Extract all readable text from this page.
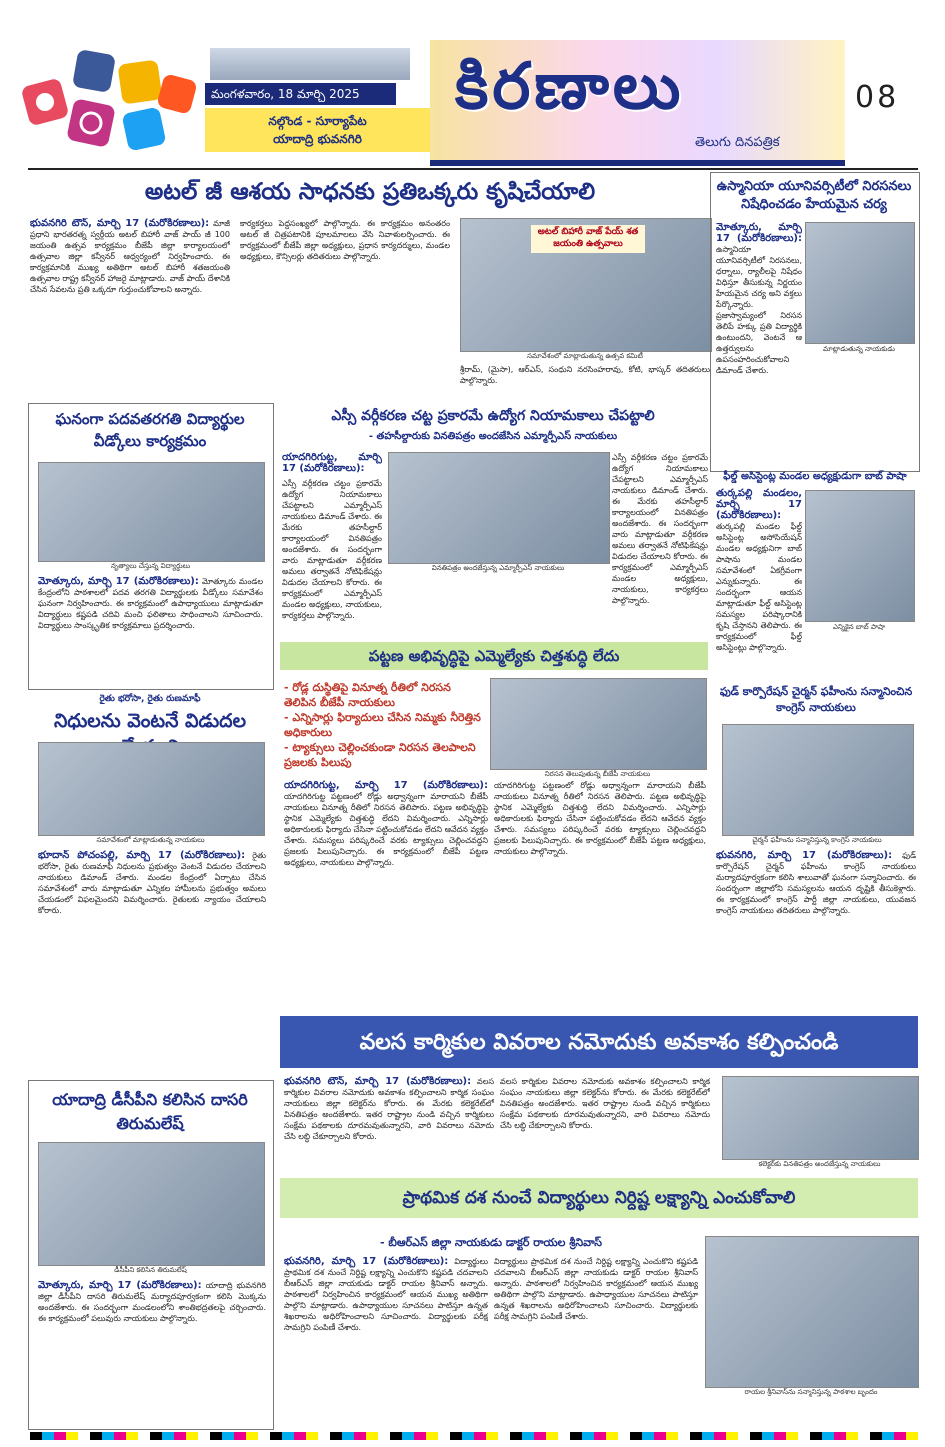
మంగళవారం, 18 మార్చి 2025
నల్గొండ - సూర్యాపేట
యాదాద్రి భువనగిరి
కిరణాలు
తెలుగు దినపత్రిక
08
అటల్ జీ ఆశయ సాధనకు ప్రతిఒక్కరు కృషిచేయాలి
భువనగిరి టౌన్, మార్చి 17 (మరోకిరణాలు): మాజీ ప్రధాని భారతరత్న స్వర్గీయ అటల్ బిహారీ వాజ్ పాయ్ జీ 100 జయంతి ఉత్సవ కార్యక్రమం బీజేపీ జిల్లా కార్యాలయంలో ఉత్సవాల జిల్లా కన్వీనర్ ఆధ్వర్యంలో నిర్వహించారు. ఈ కార్యక్రమానికి ముఖ్య అతిథిగా అటల్ బిహారీ శతజయంతి ఉత్సవాల రాష్ట్ర కన్వీనర్ హాజరై మాట్లాడారు. వాజ్ పాయ్ దేశానికి చేసిన సేవలను ప్రతి ఒక్కరూ గుర్తుంచుకోవాలని అన్నారు.
కార్యకర్తలు పెద్దసంఖ్యలో పాల్గొన్నారు. ఈ కార్యక్రమం అనంతరం అటల్ జీ చిత్రపటానికి పూలమాలలు వేసి నివాళులర్పించారు. ఈ కార్యక్రమంలో బీజేపీ జిల్లా అధ్యక్షులు, ప్రధాన కార్యదర్శులు, మండల అధ్యక్షులు, కౌన్సిలర్లు తదితరులు పాల్గొన్నారు.
అటల్ బిహారీ వాజ్ పేయ్ శత జయంతి ఉత్సవాలు
సమావేశంలో మాట్లాడుతున్న ఉత్సవ కమిటీ
శ్రీరామ్, (మైసా), ఆర్ఎస్, సంధుని నరసింహరావు, కోటి, భాస్కర్ తదితరులు పాల్గొన్నారు.
ఉస్మానియా యూనివర్సిటీలో నిరసనలు నిషేధించడం హేయమైన చర్య
మోత్కూరు, మార్చి 17 (మరోకిరణాలు): ఉస్మానియా యూనివర్సిటీలో నిరసనలు, ధర్నాలు, ర్యాలీలపై నిషేధం విధిస్తూ తీసుకున్న నిర్ణయం హేయమైన చర్య అని వక్తలు పేర్కొన్నారు. ప్రజాస్వామ్యంలో నిరసన తెలిపే హక్కు ప్రతి విద్యార్థికి ఉంటుందని, వెంటనే ఆ ఉత్తర్వులను ఉపసంహరించుకోవాలని డిమాండ్ చేశారు.
మాట్లాడుతున్న నాయకుడు
ఫీల్డ్ అసిస్టెంట్ల మండల అధ్యక్షుడుగా బాబ్ పాషా
తుర్కపల్లి మండలం, మార్చి 17 (మరోకిరణాలు): తుర్కపల్లి మండల ఫీల్డ్ అసిస్టెంట్ల అసోసియేషన్ మండల అధ్యక్షునిగా బాబ్ పాషాను మండల సమావేశంలో ఏకగ్రీవంగా ఎన్నుకున్నారు. ఈ సందర్భంగా ఆయన మాట్లాడుతూ ఫీల్డ్ అసిస్టెంట్ల సమస్యల పరిష్కారానికి కృషి చేస్తానని తెలిపారు. ఈ కార్యక్రమంలో ఫీల్డ్ అసిస్టెంట్లు పాల్గొన్నారు.
ఎన్నికైన బాబ్ పాషా
ఫుడ్ కార్పొరేషన్ చైర్మన్ ఫహీంను సన్మానించిన కాంగ్రెస్ నాయకులు
చైర్మన్ ఫహీంను సన్మానిస్తున్న కాంగ్రెస్ నాయకులు
భువనగిరి, మార్చి 17 (మరోకిరణాలు): ఫుడ్ కార్పొరేషన్ చైర్మన్ ఫహీంను కాంగ్రెస్ నాయకులు మర్యాదపూర్వకంగా కలిసి శాలువాతో ఘనంగా సన్మానించారు. ఈ సందర్భంగా జిల్లాలోని సమస్యలను ఆయన దృష్టికి తీసుకెళ్లారు. ఈ కార్యక్రమంలో కాంగ్రెస్ పార్టీ జిల్లా నాయకులు, యువజన కాంగ్రెస్ నాయకులు తదితరులు పాల్గొన్నారు.
ఘనంగా పదవతరగతి విద్యార్థుల వీడ్కోలు కార్యక్రమం
నృత్యాలు చేస్తున్న విద్యార్థులు
మోత్కూరు, మార్చి 17 (మరోకిరణాలు): మోత్కూరు మండల కేంద్రంలోని పాఠశాలలో పదవ తరగతి విద్యార్థులకు వీడ్కోలు సమావేశం ఘనంగా నిర్వహించారు. ఈ కార్యక్రమంలో ఉపాధ్యాయులు మాట్లాడుతూ విద్యార్థులు కష్టపడి చదివి మంచి ఫలితాలు సాధించాలని సూచించారు. విద్యార్థులు సాంస్కృతిక కార్యక్రమాలు ప్రదర్శించారు.
రైతు భరోసా, రైతు రుణమాఫీ
నిధులను వెంటనే విడుదల
సమావేశంలో మాట్లాడుతున్న నాయకులు
భూదాన్ పోచంపల్లి, మార్చి 17 (మరోకిరణాలు): రైతు భరోసా, రైతు రుణమాఫీ నిధులను ప్రభుత్వం వెంటనే విడుదల చేయాలని నాయకులు డిమాండ్ చేశారు. మండల కేంద్రంలో ఏర్పాటు చేసిన సమావేశంలో వారు మాట్లాడుతూ ఎన్నికల హామీలను ప్రభుత్వం అమలు చేయడంలో విఫలమైందని విమర్శించారు. రైతులకు న్యాయం చేయాలని కోరారు.
యాదాద్రి డీసీపీని కలిసిన దాసరి తిరుమలేష్
డీసీపీని కలిసిన తిరుమలేష్
మోత్కూరు, మార్చి 17 (మరోకిరణాలు): యాదాద్రి భువనగిరి జిల్లా డీసీపీని దాసరి తిరుమలేష్ మర్యాదపూర్వకంగా కలిసి మొక్కను అందజేశారు. ఈ సందర్భంగా మండలంలోని శాంతిభద్రతలపై చర్చించారు. ఈ కార్యక్రమంలో పలువురు నాయకులు పాల్గొన్నారు.
ఎస్సీ వర్గీకరణ చట్ట ప్రకారమే ఉద్యోగ నియామకాలు చేపట్టాలి
- తహసీల్దారుకు వినతిపత్రం అందజేసిన ఎమ్మార్పీఎస్ నాయకులు
యాదగిరిగుట్ట, మార్చి 17 (మరోకిరణాలు):
వినతిపత్రం అందజేస్తున్న ఎమ్మార్పీఎస్ నాయకులు
ఎస్సీ వర్గీకరణ చట్టం ప్రకారమే ఉద్యోగ నియామకాలు చేపట్టాలని ఎమ్మార్పీఎస్ నాయకులు డిమాండ్ చేశారు. ఈ మేరకు తహసీల్దార్ కార్యాలయంలో వినతిపత్రం అందజేశారు. ఈ సందర్భంగా వారు మాట్లాడుతూ వర్గీకరణ అమలు తర్వాతనే నోటిఫికేషన్లు విడుదల చేయాలని కోరారు. ఈ కార్యక్రమంలో ఎమ్మార్పీఎస్ మండల అధ్యక్షులు, నాయకులు, కార్యకర్తలు పాల్గొన్నారు.
ఎస్సీ వర్గీకరణ చట్టం ప్రకారమే ఉద్యోగ నియామకాలు చేపట్టాలని ఎమ్మార్పీఎస్ నాయకులు డిమాండ్ చేశారు. ఈ మేరకు తహసీల్దార్ కార్యాలయంలో వినతిపత్రం అందజేశారు. ఈ సందర్భంగా వారు మాట్లాడుతూ వర్గీకరణ అమలు తర్వాతనే నోటిఫికేషన్లు విడుదల చేయాలని కోరారు. ఈ కార్యక్రమంలో ఎమ్మార్పీఎస్ మండల అధ్యక్షులు, నాయకులు, కార్యకర్తలు పాల్గొన్నారు.
పట్టణ అభివృద్ధిపై ఎమ్మెల్యేకు చిత్తశుద్ధి లేదు
- రోడ్ల దుస్థితిపై వినూత్న రీతిలో నిరసన తెలిపిన బీజేపీ నాయకులు
- ఎన్నిసార్లు ఫిర్యాదులు చేసిన నిమ్మకు నీరెత్తిన అధికారులు
- ట్యాక్సులు చెల్లించకుండా నిరసన తెలపాలని ప్రజలకు పిలుపు
నిరసన తెలుపుతున్న బీజేపీ నాయకులు
యాదగిరిగుట్ట, మార్చి 17 (మరోకిరణాలు): యాదగిరిగుట్ట పట్టణంలో రోడ్లు అధ్వాన్నంగా మారాయని బీజేపీ నాయకులు వినూత్న రీతిలో నిరసన తెలిపారు. పట్టణ అభివృద్ధిపై స్థానిక ఎమ్మెల్యేకు చిత్తశుద్ధి లేదని విమర్శించారు. ఎన్నిసార్లు అధికారులకు ఫిర్యాదు చేసినా పట్టించుకోవడం లేదని ఆవేదన వ్యక్తం చేశారు. సమస్యలు పరిష్కరించే వరకు ట్యాక్సులు చెల్లించవద్దని ప్రజలకు పిలుపునిచ్చారు. ఈ కార్యక్రమంలో బీజేపీ పట్టణ అధ్యక్షులు, నాయకులు పాల్గొన్నారు.
యాదగిరిగుట్ట పట్టణంలో రోడ్లు అధ్వాన్నంగా మారాయని బీజేపీ నాయకులు వినూత్న రీతిలో నిరసన తెలిపారు. పట్టణ అభివృద్ధిపై స్థానిక ఎమ్మెల్యేకు చిత్తశుద్ధి లేదని విమర్శించారు. ఎన్నిసార్లు అధికారులకు ఫిర్యాదు చేసినా పట్టించుకోవడం లేదని ఆవేదన వ్యక్తం చేశారు. సమస్యలు పరిష్కరించే వరకు ట్యాక్సులు చెల్లించవద్దని ప్రజలకు పిలుపునిచ్చారు. ఈ కార్యక్రమంలో బీజేపీ పట్టణ అధ్యక్షులు, నాయకులు పాల్గొన్నారు.
వలస కార్మికుల వివరాల నమోదుకు అవకాశం కల్పించండి
భువనగిరి టౌన్, మార్చి 17 (మరోకిరణాలు): వలస కార్మికుల వివరాల నమోదుకు అవకాశం కల్పించాలని కార్మిక సంఘం నాయకులు జిల్లా కలెక్టర్‌ను కోరారు. ఈ మేరకు కలెక్టరేట్‌లో వినతిపత్రం అందజేశారు. ఇతర రాష్ట్రాల నుండి వచ్చిన కార్మికులు సంక్షేమ పథకాలకు దూరమవుతున్నారని, వారి వివరాలు నమోదు చేసి లబ్ధి చేకూర్చాలని కోరారు.
వలస కార్మికుల వివరాల నమోదుకు అవకాశం కల్పించాలని కార్మిక సంఘం నాయకులు జిల్లా కలెక్టర్‌ను కోరారు. ఈ మేరకు కలెక్టరేట్‌లో వినతిపత్రం అందజేశారు. ఇతర రాష్ట్రాల నుండి వచ్చిన కార్మికులు సంక్షేమ పథకాలకు దూరమవుతున్నారని, వారి వివరాలు నమోదు చేసి లబ్ధి చేకూర్చాలని కోరారు.
కలెక్టర్‌కు వినతిపత్రం అందజేస్తున్న నాయకులు
ప్రాథమిక దశ నుంచే విద్యార్థులు నిర్దిష్ట లక్ష్యాన్ని ఎంచుకోవాలి
- బీఆర్ఎస్ జిల్లా నాయకుడు డాక్టర్ రాయల శ్రీనివాస్
భువనగిరి, మార్చి 17 (మరోకిరణాలు): విద్యార్థులు ప్రాథమిక దశ నుంచే నిర్దిష్ట లక్ష్యాన్ని ఎంచుకొని కష్టపడి చదవాలని బీఆర్ఎస్ జిల్లా నాయకుడు డాక్టర్ రాయల శ్రీనివాస్ అన్నారు. పాఠశాలలో నిర్వహించిన కార్యక్రమంలో ఆయన ముఖ్య అతిథిగా పాల్గొని మాట్లాడారు. ఉపాధ్యాయుల సూచనలు పాటిస్తూ ఉన్నత శిఖరాలను అధిరోహించాలని సూచించారు. విద్యార్థులకు పరీక్ష సామగ్రిని పంపిణీ చేశారు.
విద్యార్థులు ప్రాథమిక దశ నుంచే నిర్దిష్ట లక్ష్యాన్ని ఎంచుకొని కష్టపడి చదవాలని బీఆర్ఎస్ జిల్లా నాయకుడు డాక్టర్ రాయల శ్రీనివాస్ అన్నారు. పాఠశాలలో నిర్వహించిన కార్యక్రమంలో ఆయన ముఖ్య అతిథిగా పాల్గొని మాట్లాడారు. ఉపాధ్యాయుల సూచనలు పాటిస్తూ ఉన్నత శిఖరాలను అధిరోహించాలని సూచించారు. విద్యార్థులకు పరీక్ష సామగ్రిని పంపిణీ చేశారు.
రాయల శ్రీనివాస్‌ను సన్మానిస్తున్న పాఠశాల బృందం
